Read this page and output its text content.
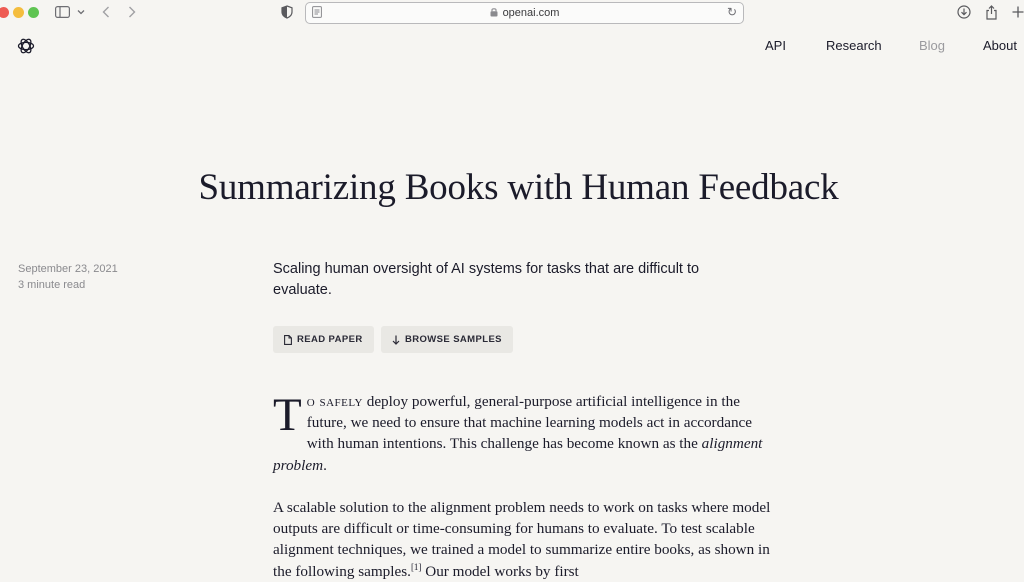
openai.com	↻
API	Research	Blog	About
Summarizing Books with Human Feedback
September 23, 2021
3 minute read
Scaling human oversight of AI systems for tasks that are difficult to evaluate.
READ PAPER	BROWSE SAMPLES
To safely deploy powerful, general-purpose artificial intelligence in the future, we need to ensure that machine learning models act in accordance with human intentions. This challenge has become known as the alignment problem.
A scalable solution to the alignment problem needs to work on tasks where model outputs are difficult or time-consuming for humans to evaluate. To test scalable alignment techniques, we trained a model to summarize entire books, as shown in the following samples.[1] Our model works by first
